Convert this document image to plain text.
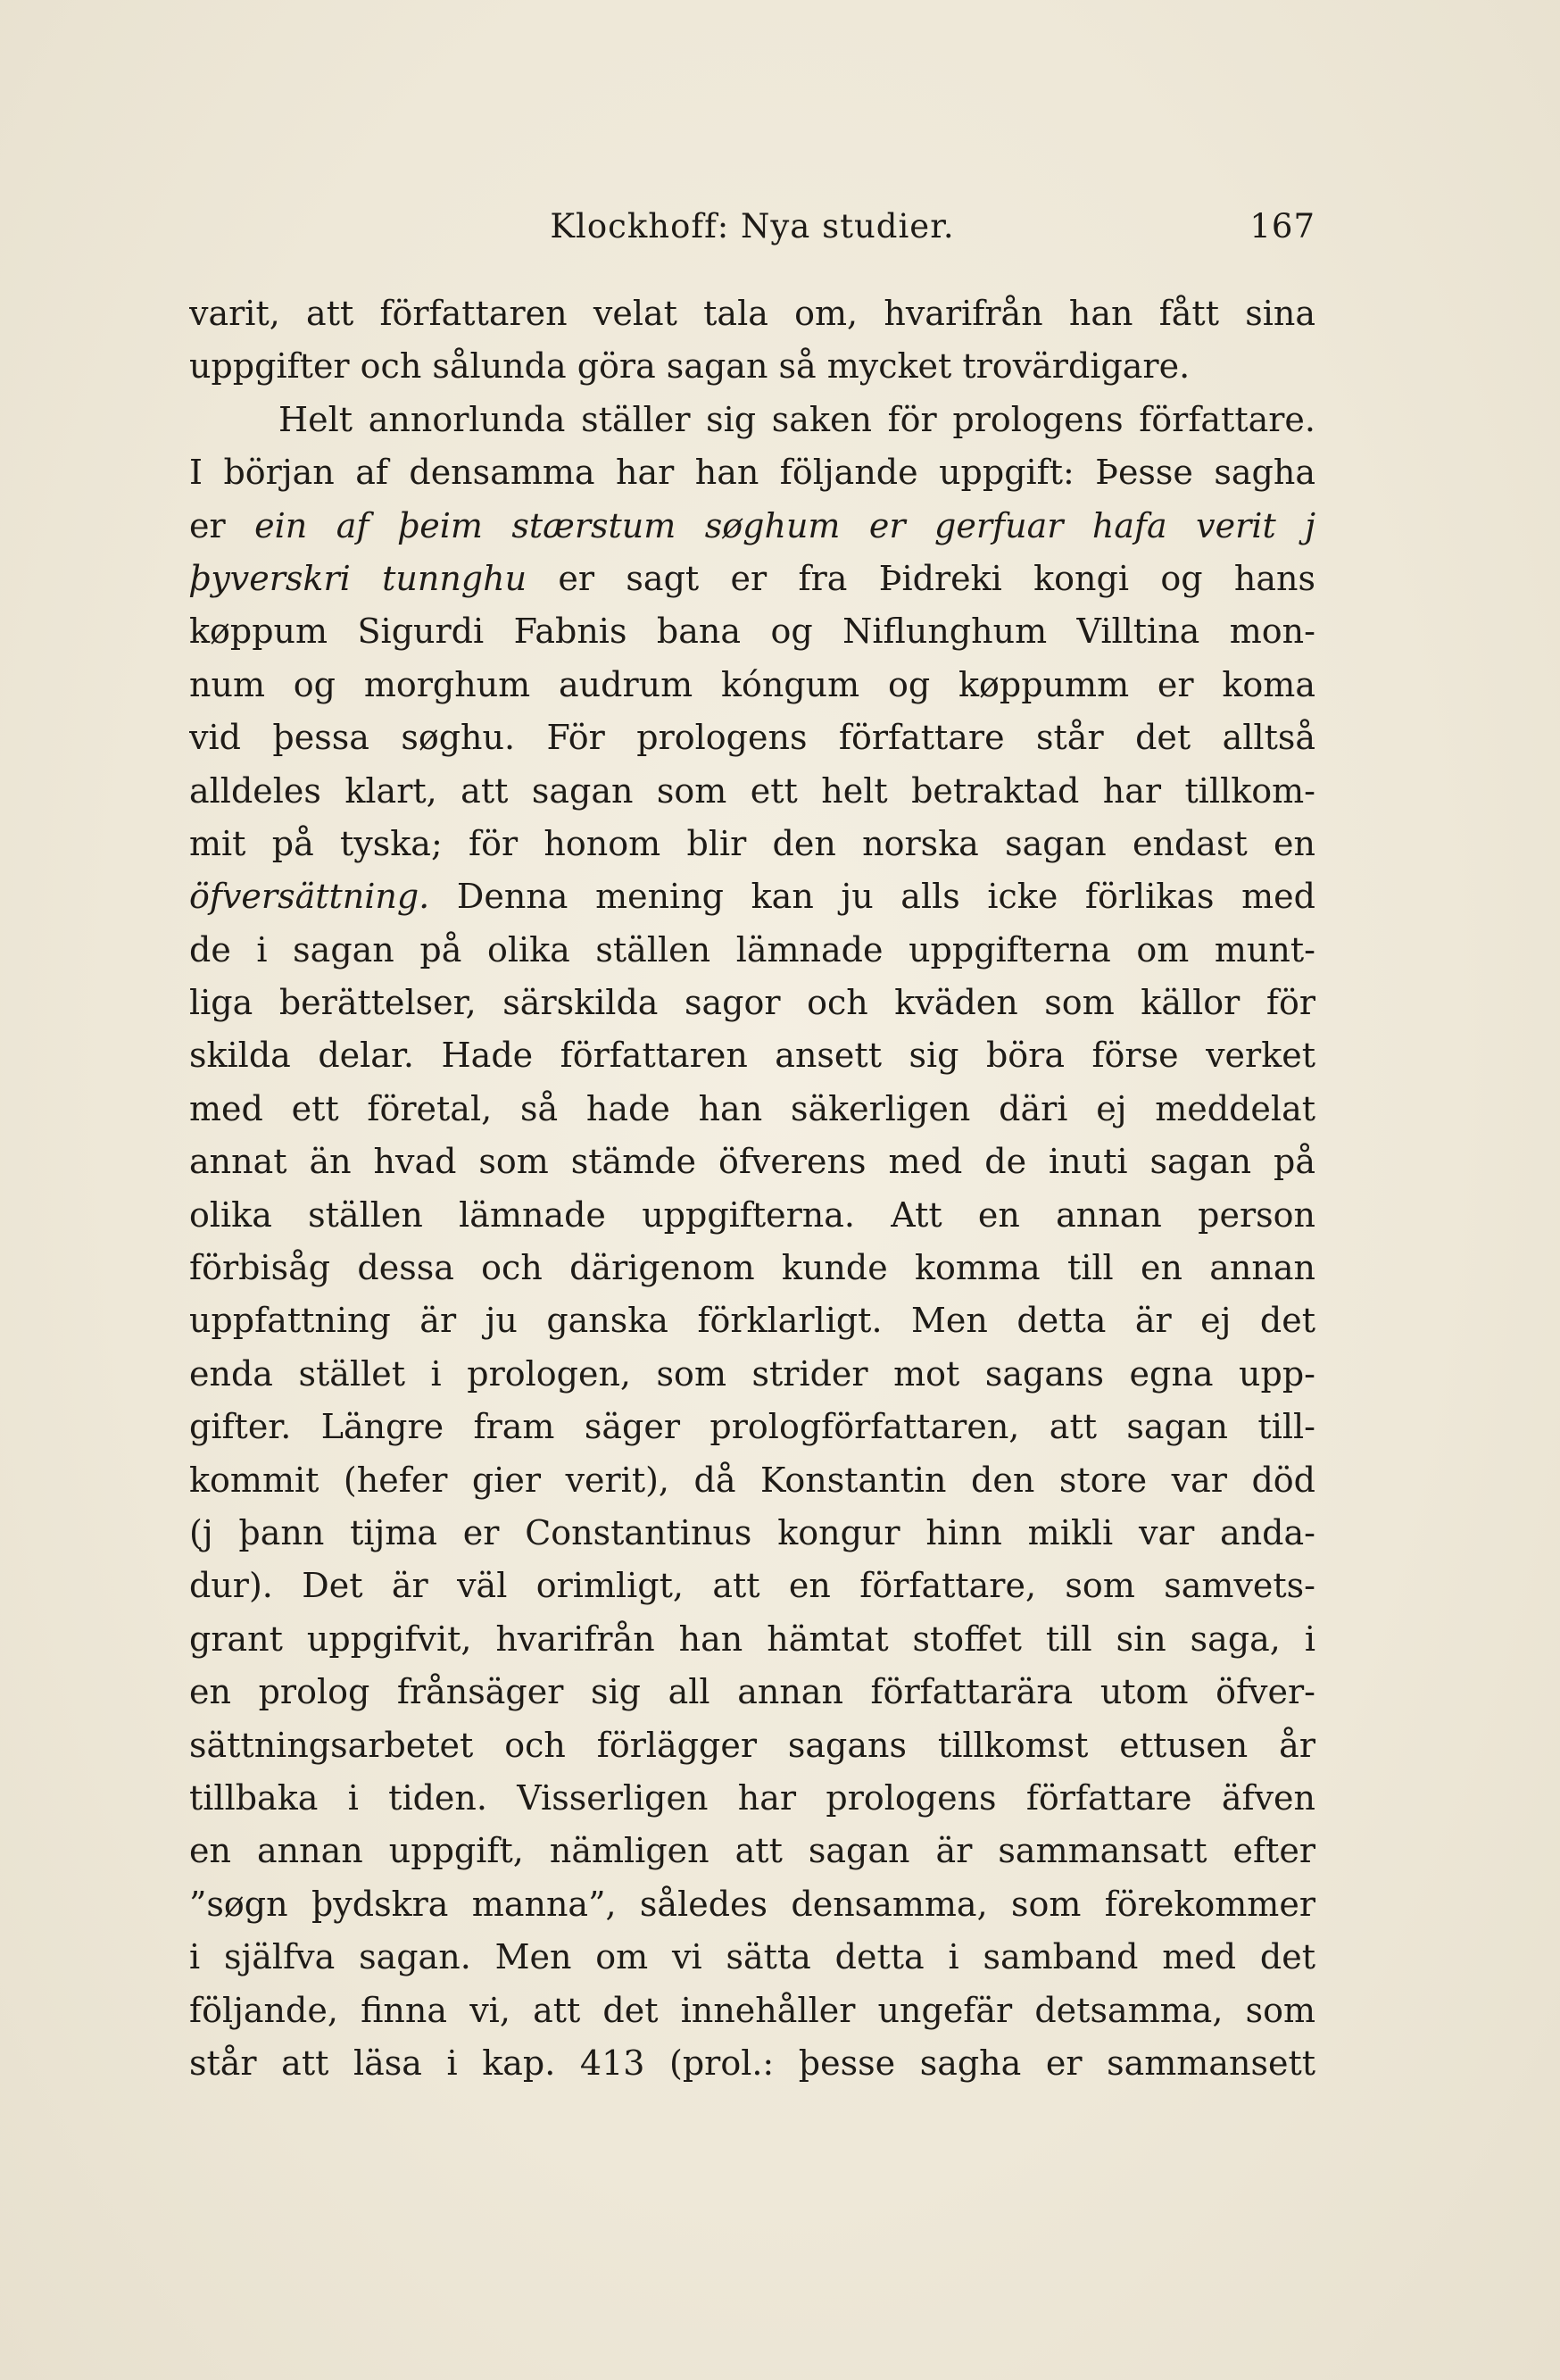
Klockhoff: Nya studier.	167
varit, att författaren velat tala om, hvarifrån han fått sina
uppgifter och sålunda göra sagan så mycket trovärdigare.
Helt annorlunda ställer sig saken för prologens författare.
I början af densamma har han följande uppgift: Þesse sagha
er ein af þeim stærstum søghum er gerfuar hafa verit j
þyverskri tunnghu er sagt er fra Þidreki kongi og hans
køppum Sigurdi Fabnis bana og Niflunghum Villtina mon-
num og morghum audrum kóngum og køppumm er koma
vid þessa søghu. För prologens författare står det alltså
alldeles klart, att sagan som ett helt betraktad har tillkom-
mit på tyska; för honom blir den norska sagan endast en
öfversättning. Denna mening kan ju alls icke förlikas med
de i sagan på olika ställen lämnade uppgifterna om munt-
liga berättelser, särskilda sagor och kväden som källor för
skilda delar. Hade författaren ansett sig böra förse verket
med ett företal, så hade han säkerligen däri ej meddelat
annat än hvad som stämde öfverens med de inuti sagan på
olika ställen lämnade uppgifterna. Att en annan person
förbisåg dessa och därigenom kunde komma till en annan
uppfattning är ju ganska förklarligt. Men detta är ej det
enda stället i prologen, som strider mot sagans egna upp-
gifter. Längre fram säger prologförfattaren, att sagan till-
kommit (hefer gier verit), då Konstantin den store var död
(j þann tijma er Constantinus kongur hinn mikli var anda-
dur). Det är väl orimligt, att en författare, som samvets-
grant uppgifvit, hvarifrån han hämtat stoffet till sin saga, i
en prolog frånsäger sig all annan författarära utom öfver-
sättningsarbetet och förlägger sagans tillkomst ettusen år
tillbaka i tiden. Visserligen har prologens författare äfven
en annan uppgift, nämligen att sagan är sammansatt efter
”søgn þydskra manna”, således densamma, som förekommer
i själfva sagan. Men om vi sätta detta i samband med det
följande, finna vi, att det innehåller ungefär detsamma, som
står att läsa i kap. 413 (prol.: þesse sagha er sammansett
